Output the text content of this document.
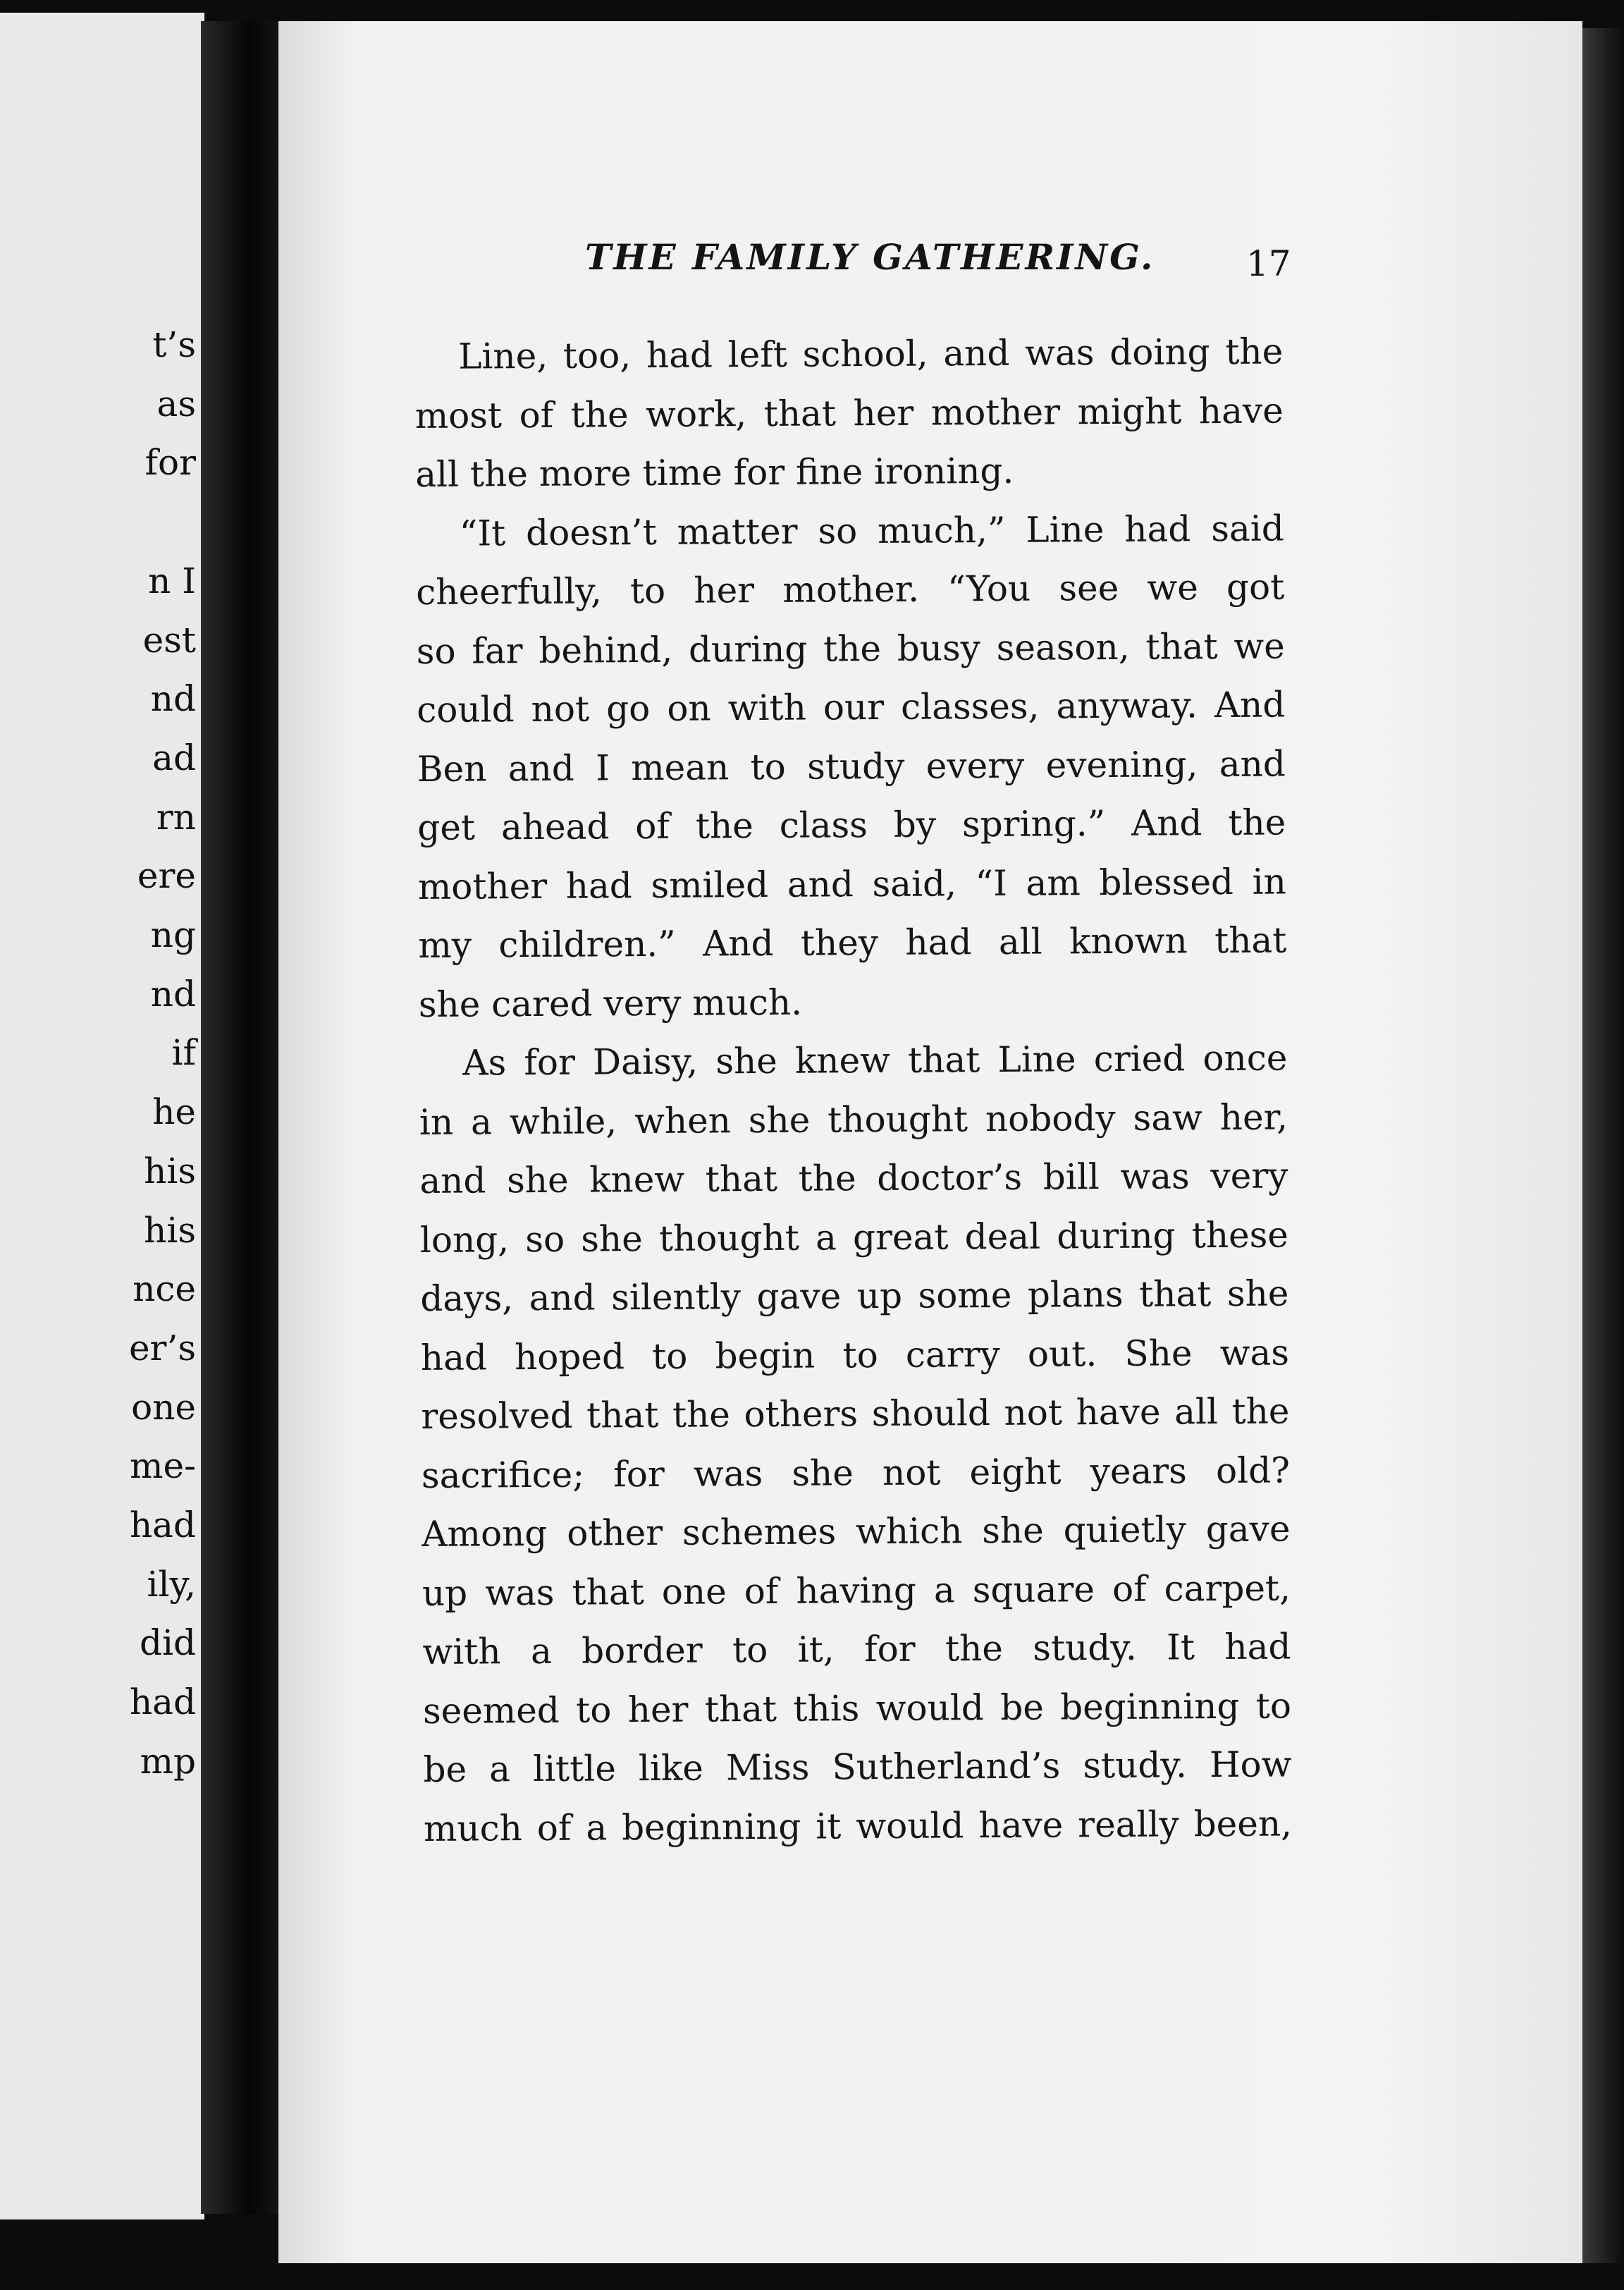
t’s
as
for

n I
est
nd
ad
rn
ere
ng
nd
if
he
his
his
nce
er’s
one
me-
had
ily,
did
had
mp
THE FAMILY GATHERING.	17
Line, too, had left school, and was doing the
most of the work, that her mother might have
all the more time for fine ironing.
“It doesn’t matter so much,” Line had said
cheerfully, to her mother. “You see we got
so far behind, during the busy season, that we
could not go on with our classes, anyway. And
Ben and I mean to study every evening, and
get ahead of the class by spring.” And the
mother had smiled and said, “I am blessed in
my children.” And they had all known that
she cared very much.
As for Daisy, she knew that Line cried once
in a while, when she thought nobody saw her,
and she knew that the doctor’s bill was very
long, so she thought a great deal during these
days, and silently gave up some plans that she
had hoped to begin to carry out. She was
resolved that the others should not have all the
sacrifice; for was she not eight years old?
Among other schemes which she quietly gave
up was that one of having a square of carpet,
with a border to it, for the study. It had
seemed to her that this would be beginning to
be a little like Miss Sutherland’s study. How
much of a beginning it would have really been,
